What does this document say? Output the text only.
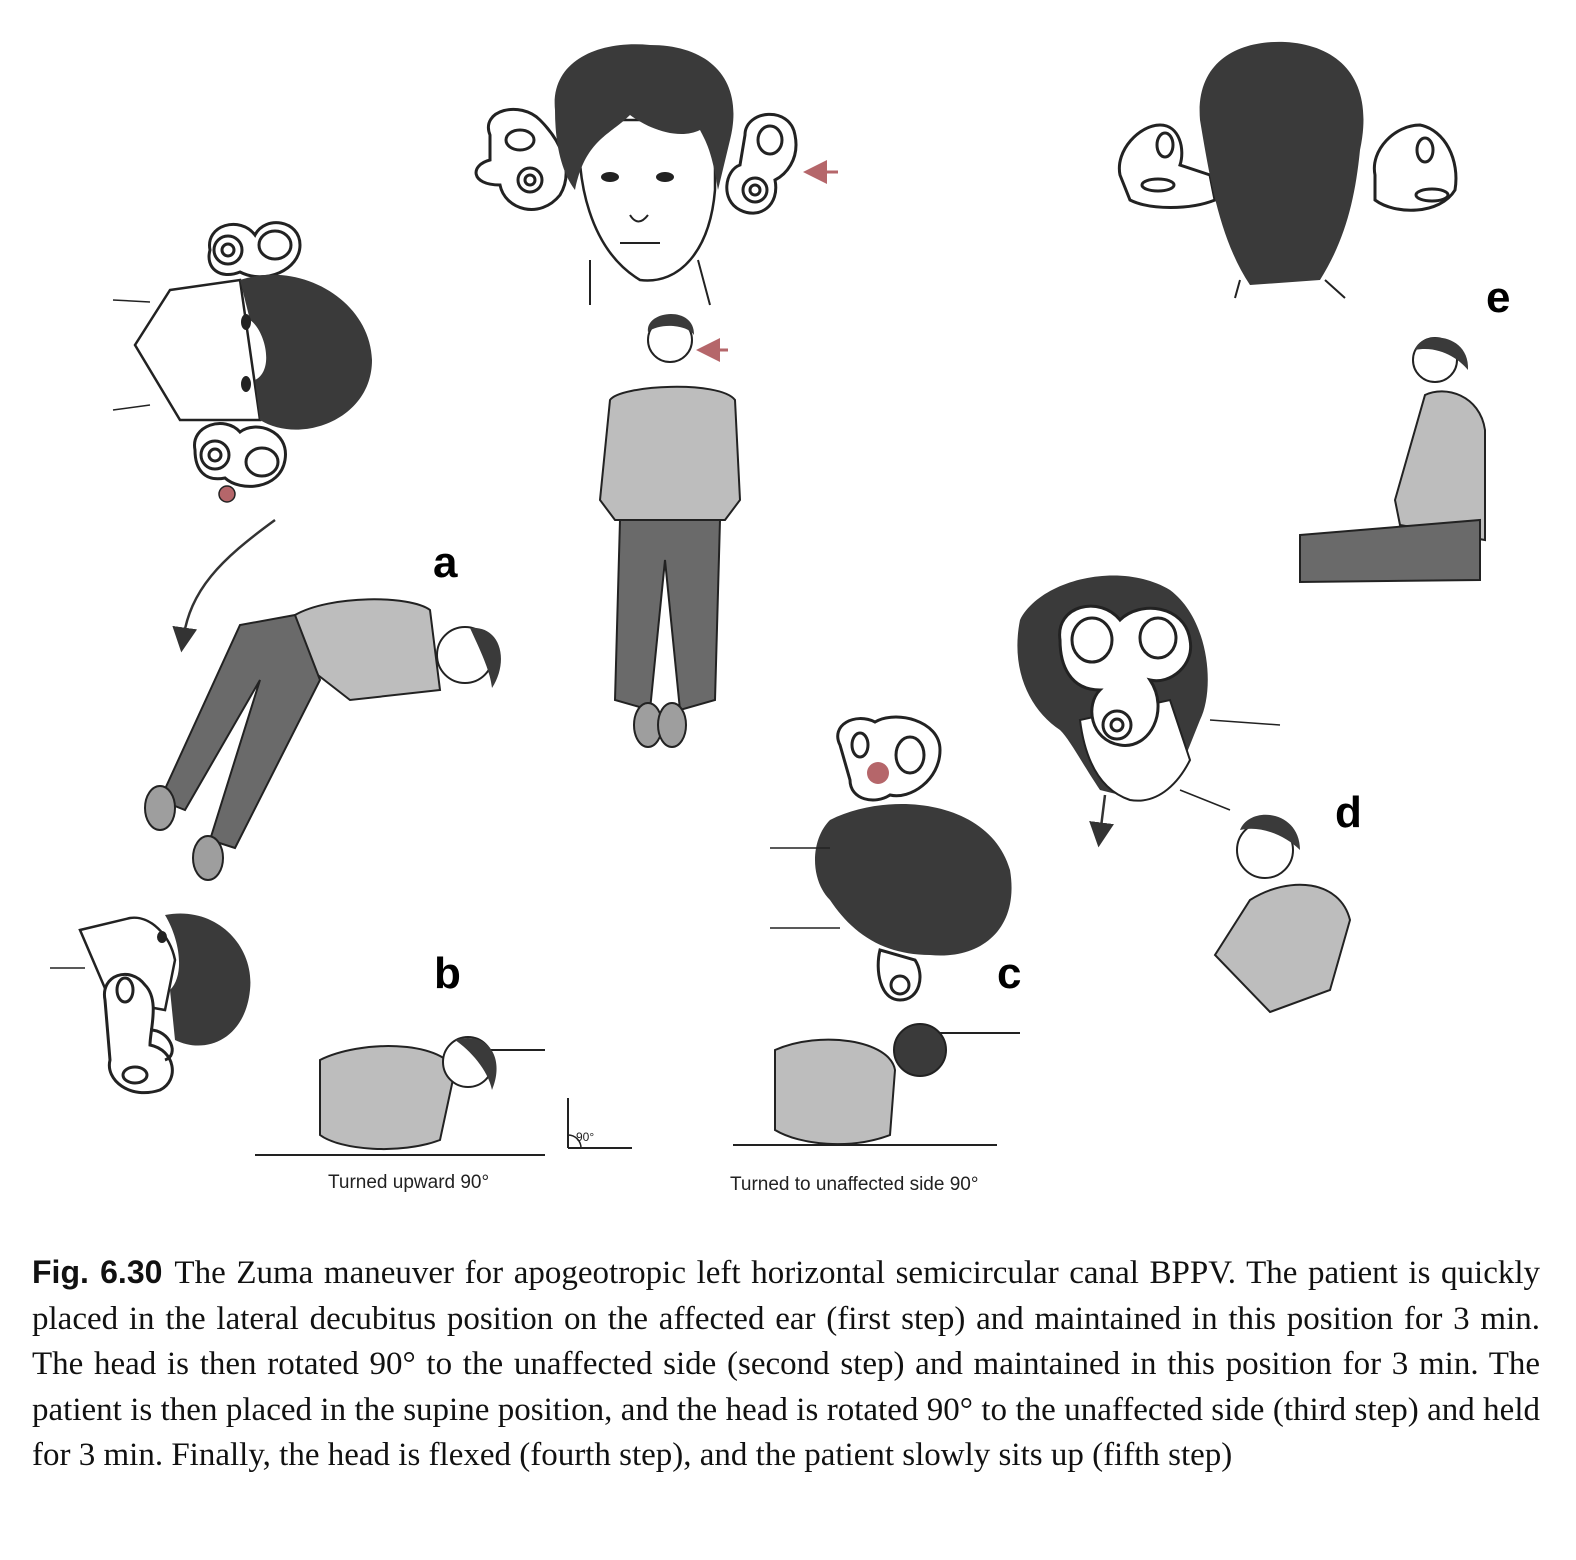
a
b	c
d
e
Turned upward 90°	Turned to unaffected side 90°
90°
Fig. 6.30 The Zuma maneuver for apogeotropic left horizontal semicircular canal BPPV. The patient is quickly placed in the lateral decubitus position on the affected ear (first step) and maintained in this position for 3 min. The head is then rotated 90° to the unaffected side (second step) and maintained in this position for 3 min. The patient is then placed in the supine position, and the head is rotated 90° to the unaffected side (third step) and held for 3 min. Finally, the head is flexed (fourth step), and the patient slowly sits up (fifth step)
